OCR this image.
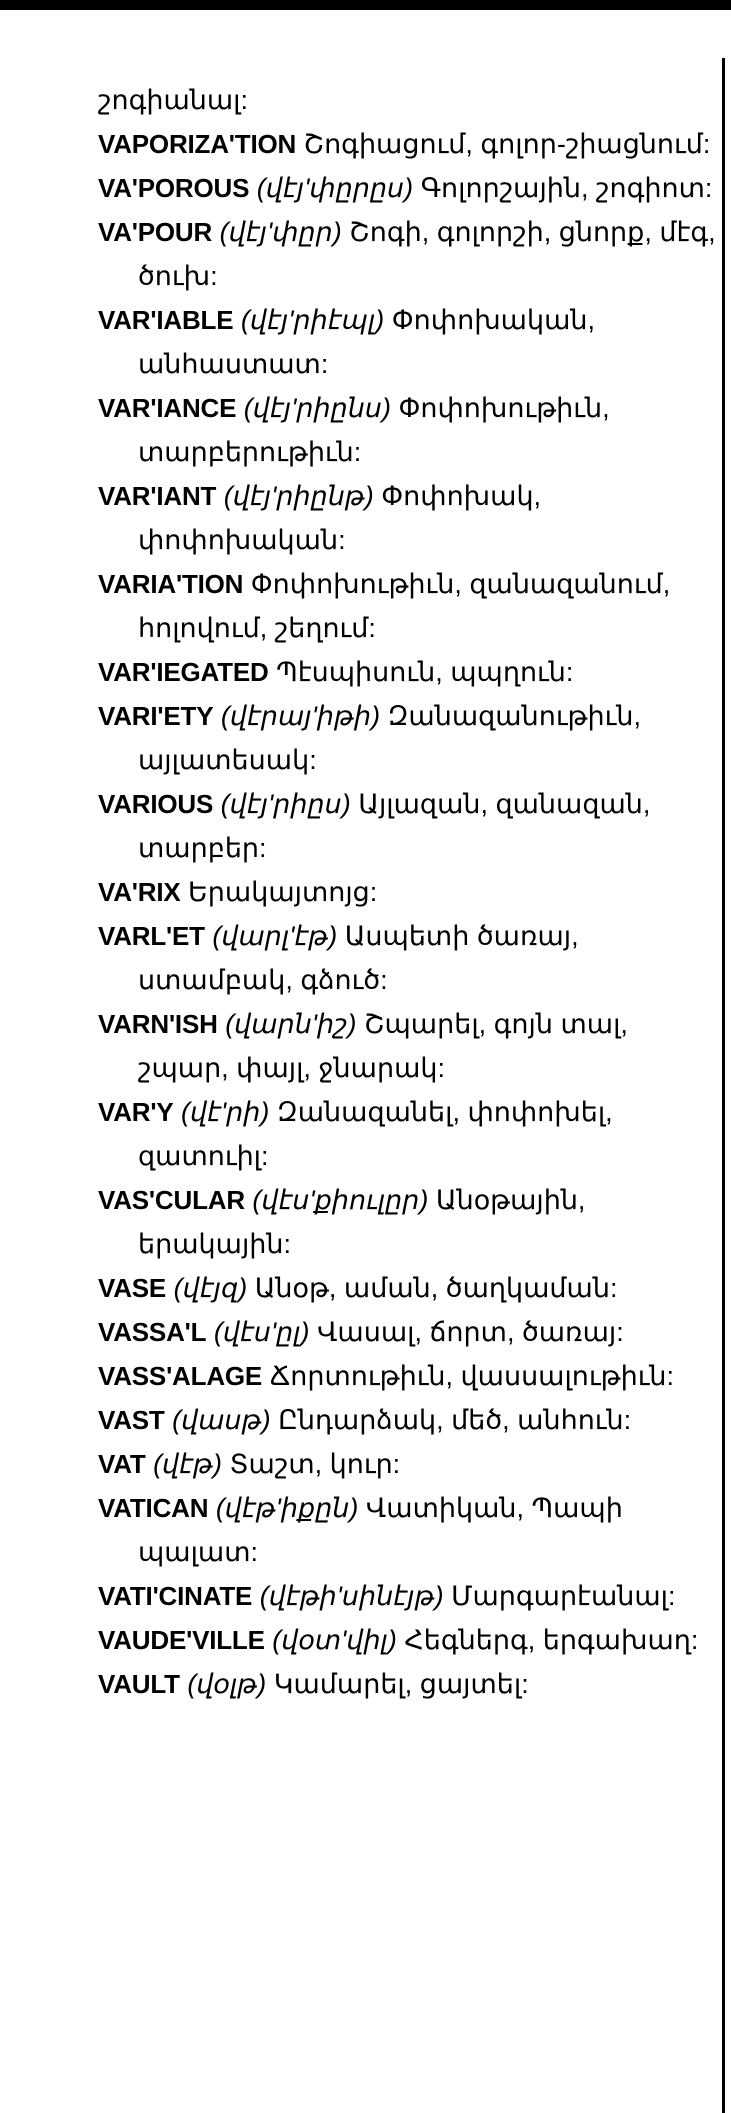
շոգիանալ:

VAPORIZA'TION Շոգիացում, գոլոր-շիացնում:

VA'POROUS (վէյ'փըրըս) Գոլորշային, շոգիոտ:

VA'POUR (վէյ'փըր) Շոգի, գոլորշի, ցնորք, մէգ, ծուխ:

VAR'IABLE (վէյ'րիէպլ) Փոփոխական, անհաստատ:

VAR'IANCE (վէյ'րիընս) Փոփոխութիւն, տարբերութիւն:

VAR'IANT (վէյ'րիընթ) Փոփոխակ, փոփոխական:

VARIA'TION Փոփոխութիւն, զանազանում, հոլովում, շեղում:

VAR'IEGATED Պէսպիսուն, պպղուն:

VARI'ETY (վէրայ'իթի) Զանազանութիւն, այլատեսակ:

VARIOUS (վէյ'րիըս) Այլազան, զանազան, տարբեր:

VA'RIX Երակայտոյց:

VARL'ET (վարլ'էթ) Ասպետի ծառայ, ստամբակ, գձուծ:

VARN'ISH (վարն'իշ) Շպարել, գոյն տալ, շպար, փայլ, ջնարակ:

VAR'Y (վէ'րի) Զանազանել, փոփոխել, զատուիլ:

VAS'CULAR (վէս'քիուլըր) Անօթային, երակային:

VASE (վէյզ) Անօթ, աման, ծաղկաման:

VASSA'L (վէս'ըլ) Վասալ, ճորտ, ծառայ:

VASS'ALAGE Ճորտութիւն, վասսալութիւն:

VAST (վասթ) Ընդարձակ, մեծ, անհուն:

VAT (վէթ) Տաշտ, կուր:

VATICAN (վէթ'իքըն) Վատիկան, Պապի պալատ:

VATI'CINATE (վէթի'սինէյթ) Մարգարէանալ:

VAUDE'VILLE (վօտ'վիլ) Հեգներգ, երգախաղ:

VAULT (վօլթ) Կամարել, ցայտել:
